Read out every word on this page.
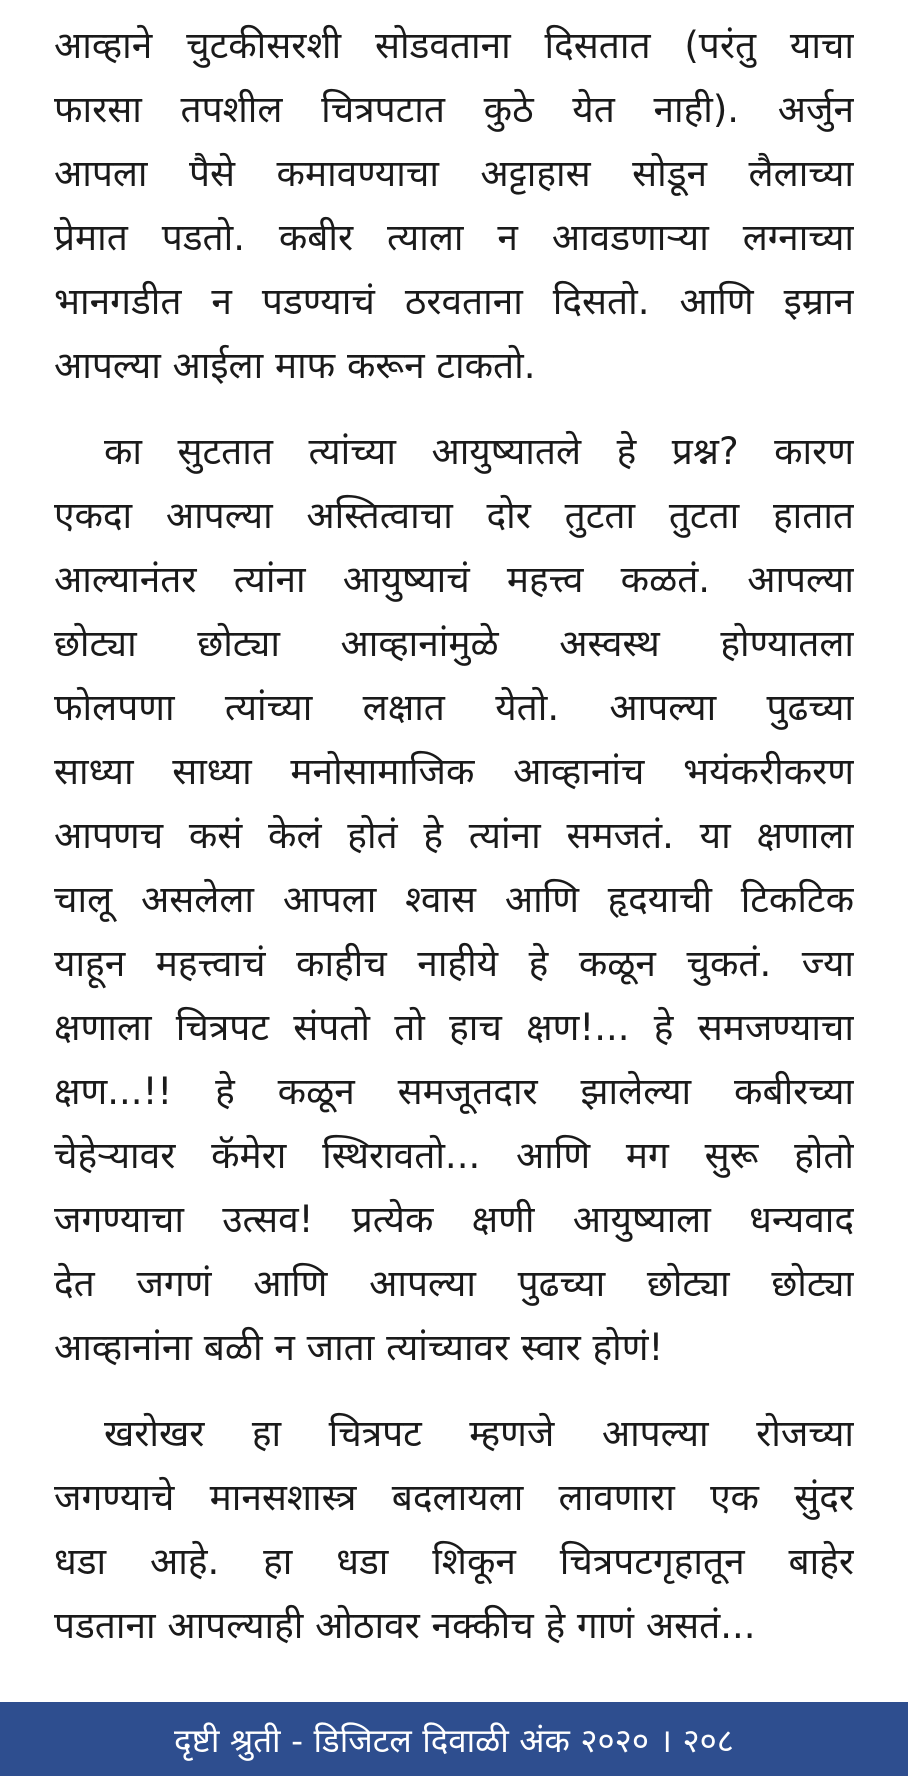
आव्हाने चुटकीसरशी सोडवताना दिसतात (परंतु याचा
फारसा तपशील चित्रपटात कुठे येत नाही). अर्जुन
आपला पैसे कमावण्याचा अट्टाहास सोडून लैलाच्या
प्रेमात पडतो. कबीर त्याला न आवडणाऱ्या लग्नाच्या
भानगडीत न पडण्याचं ठरवताना दिसतो. आणि इम्रान
आपल्या आईला माफ करून टाकतो.
का सुटतात त्यांच्या आयुष्यातले हे प्रश्न? कारण
एकदा आपल्या अस्तित्वाचा दोर तुटता तुटता हातात
आल्यानंतर त्यांना आयुष्याचं महत्त्व कळतं. आपल्या
छोट्या छोट्या आव्हानांमुळे अस्वस्थ होण्यातला
फोलपणा त्यांच्या लक्षात येतो. आपल्या पुढच्या
साध्या साध्या मनोसामाजिक आव्हानांच भयंकरीकरण
आपणच कसं केलं होतं हे त्यांना समजतं. या क्षणाला
चालू असलेला आपला श्वास आणि हृदयाची टिकटिक
याहून महत्त्वाचं काहीच नाहीये हे कळून चुकतं. ज्या
क्षणाला चित्रपट संपतो तो हाच क्षण!... हे समजण्याचा
क्षण...!! हे कळून समजूतदार झालेल्या कबीरच्या
चेहेऱ्यावर कॅमेरा स्थिरावतो... आणि मग सुरू होतो
जगण्याचा उत्सव! प्रत्येक क्षणी आयुष्याला धन्यवाद
देत जगणं आणि आपल्या पुढच्या छोट्या छोट्या
आव्हानांना बळी न जाता त्यांच्यावर स्वार होणं!
खरोखर हा चित्रपट म्हणजे आपल्या रोजच्या
जगण्याचे मानसशास्त्र बदलायला लावणारा एक सुंदर
धडा आहे. हा धडा शिकून चित्रपटगृहातून बाहेर
पडताना आपल्याही ओठावर नक्कीच हे गाणं असतं...
दृष्टी श्रुती - डिजिटल दिवाळी अंक २०२० । २०८
